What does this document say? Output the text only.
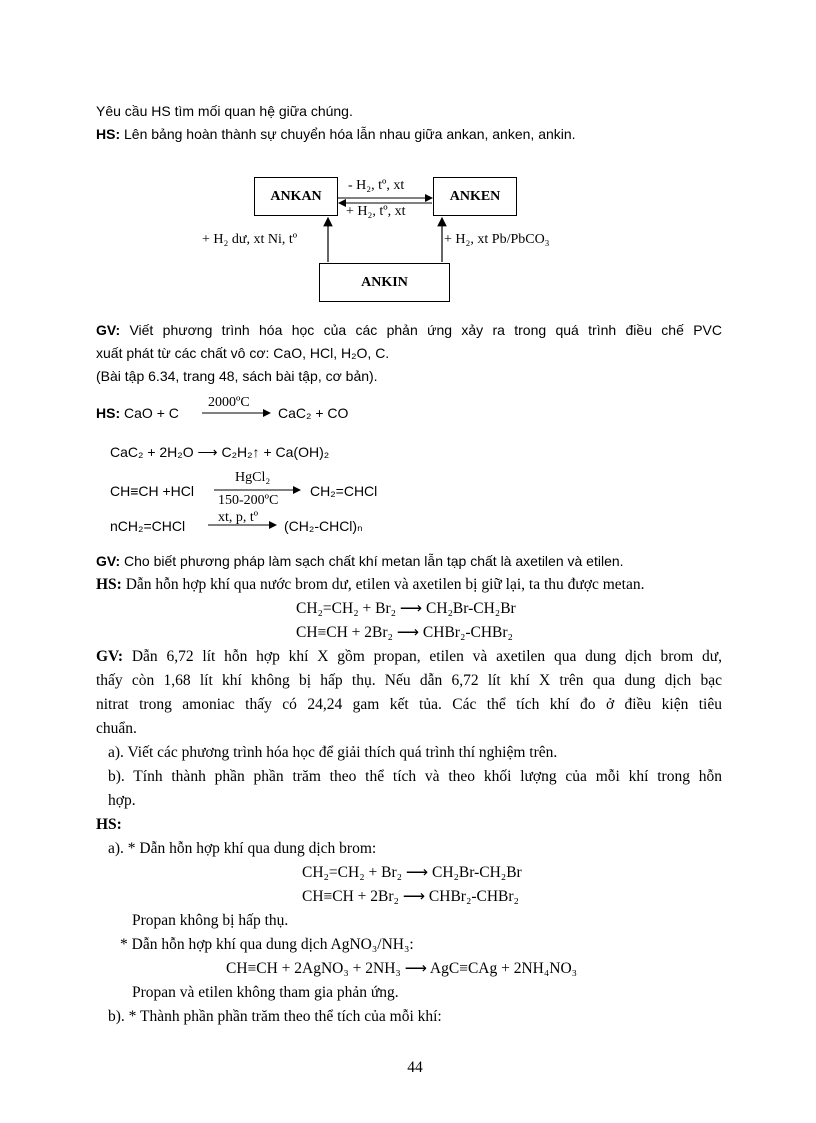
Yêu cầu HS tìm mối quan hệ giữa chúng.
HS: Lên bảng hoàn thành sự chuyển hóa lẫn nhau giữa ankan, anken, ankin.
ANKAN	ANKEN
ANKIN
- H₂, tº, xt
+ H₂, tº, xt
+ H₂ dư, xt Ni, tº	+ H₂, xt Pb/PbCO₃
GV: Viết phương trình hóa học của các phản ứng xảy ra trong quá trình điều chế PVC
xuất phát từ các chất vô cơ: CaO, HCl, H₂O, C.
(Bài tập 6.34, trang 48, sách bài tập, cơ bản).
HS: CaO + C
2000ºC
CaC₂ + CO
CaC₂ + 2H₂O ⟶ C₂H₂↑ + Ca(OH)₂
CH≡CH +HCl
HgCl₂
150-200ºC
CH₂=CHCl
nCH₂=CHCl
xt, p, tº
(CH₂-CHCl)ₙ
GV: Cho biết phương pháp làm sạch chất khí metan lẫn tạp chất là axetilen và etilen.
HS: Dẫn hỗn hợp khí qua nước brom dư, etilen và axetilen bị giữ lại, ta thu được metan.
CH₂=CH₂ + Br₂ ⟶ CH₂Br-CH₂Br
CH≡CH + 2Br₂ ⟶ CHBr₂-CHBr₂
GV: Dẫn 6,72 lít hỗn hợp khí X gồm propan, etilen và axetilen qua dung dịch brom dư,
thấy còn 1,68 lít khí không bị hấp thụ. Nếu dẫn 6,72 lít khí X trên qua dung dịch bạc
nitrat trong amoniac thấy có 24,24 gam kết tủa. Các thể tích khí đo ở điều kiện tiêu
chuẩn.
a). Viết các phương trình hóa học để giải thích quá trình thí nghiệm trên.
b). Tính thành phần phần trăm theo thể tích và theo khối lượng của mỗi khí trong hỗn
hợp.
HS:
a). * Dẫn hỗn hợp khí qua dung dịch brom:
CH₂=CH₂ + Br₂ ⟶ CH₂Br-CH₂Br
CH≡CH + 2Br₂ ⟶ CHBr₂-CHBr₂
Propan không bị hấp thụ.
* Dẫn hỗn hợp khí qua dung dịch AgNO₃/NH₃:
CH≡CH + 2AgNO₃ + 2NH₃ ⟶ AgC≡CAg + 2NH₄NO₃
Propan và etilen không tham gia phản ứng.
b). * Thành phần phần trăm theo thể tích của mỗi khí:
44
